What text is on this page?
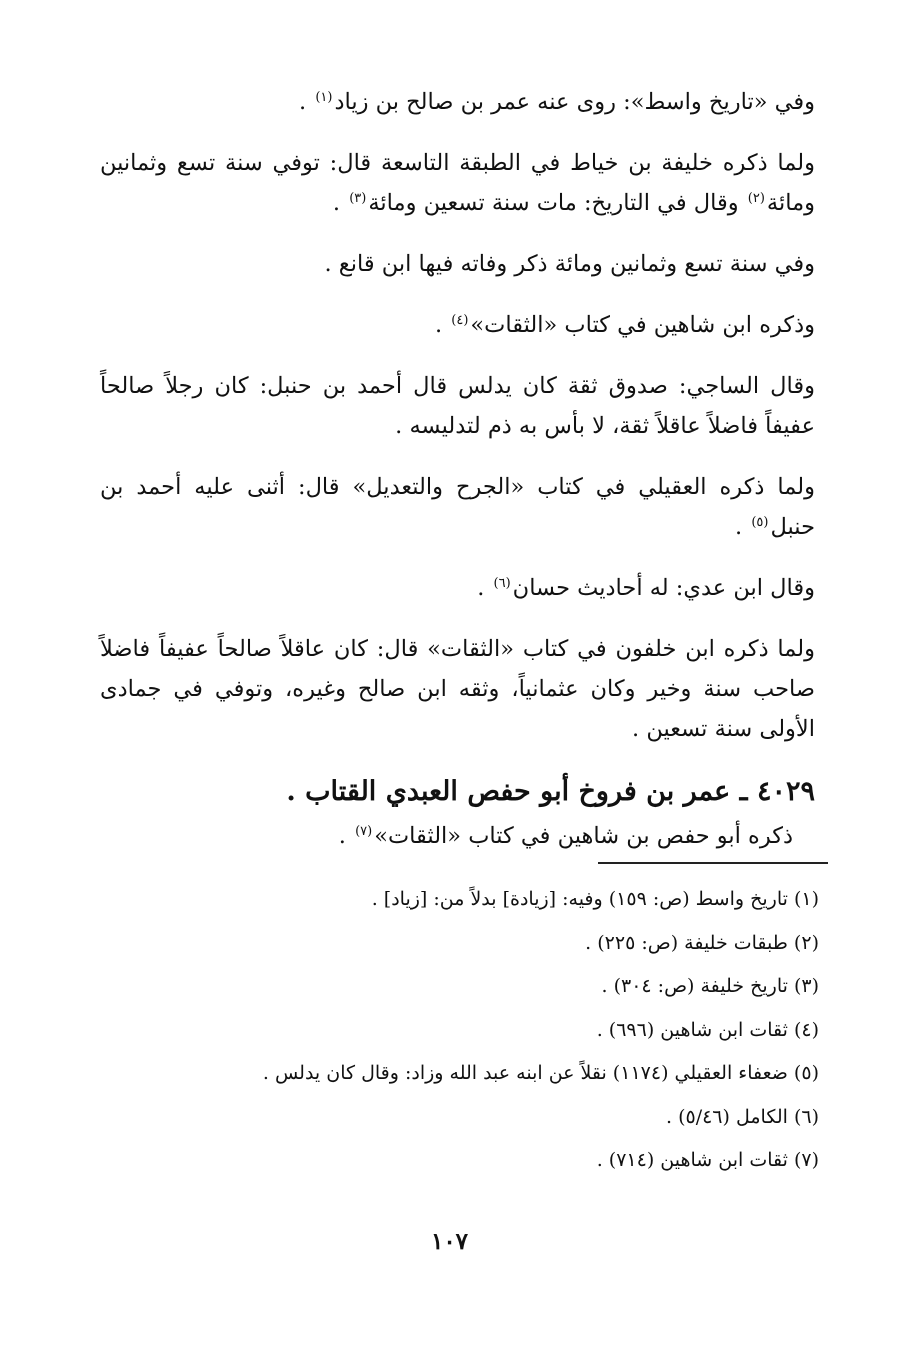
وفي «تاريخ واسط»: روى عنه عمر بن صالح بن زياد$^{(١)}$ .

ولما ذكره خليفة بن خياط في الطبقة التاسعة قال: توفي سنة تسع وثمانين ومائة$^{(٢)}$ وقال في التاريخ: مات سنة تسعين ومائة$^{(٣)}$ .

وفي سنة تسع وثمانين ومائة ذكر وفاته فيها ابن قانع .

وذكره ابن شاهين في كتاب «الثقات»$^{(٤)}$ .

وقال الساجي: صدوق ثقة كان يدلس قال أحمد بن حنبل: كان رجلاً صالحاً عفيفاً فاضلاً عاقلاً ثقة، لا بأس به ذم لتدليسه .

ولما ذكره العقيلي في كتاب «الجرح والتعديل» قال: أثنى عليه أحمد بن حنبل$^{(٥)}$ .

وقال ابن عدي: له أحاديث حسان$^{(٦)}$ .

ولما ذكره ابن خلفون في كتاب «الثقات» قال: كان عاقلاً صالحاً عفيفاً فاضلاً صاحب سنة وخير وكان عثمانياً، وثقه ابن صالح وغيره، وتوفي في جمادى الأولى سنة تسعين .

٤٠٢٩ ـ عمر بن فروخ أبو حفص العبدي القتاب .
ذكره أبو حفص بن شاهين في كتاب «الثقات»$^{(٧)}$ .

(١) تاريخ واسط (ص: ١٥٩) وفيه: [زيادة] بدلاً من: [زياد] .

(٢) طبقات خليفة (ص: ٢٢٥) .

(٣) تاريخ خليفة (ص: ٣٠٤) .

(٤) ثقات ابن شاهين (٦٩٦) .

(٥) ضعفاء العقيلي (١١٧٤) نقلاً عن ابنه عبد الله وزاد: وقال كان يدلس .

(٦) الكامل (٥/٤٦) .

(٧) ثقات ابن شاهين (٧١٤) .

١٠٧
